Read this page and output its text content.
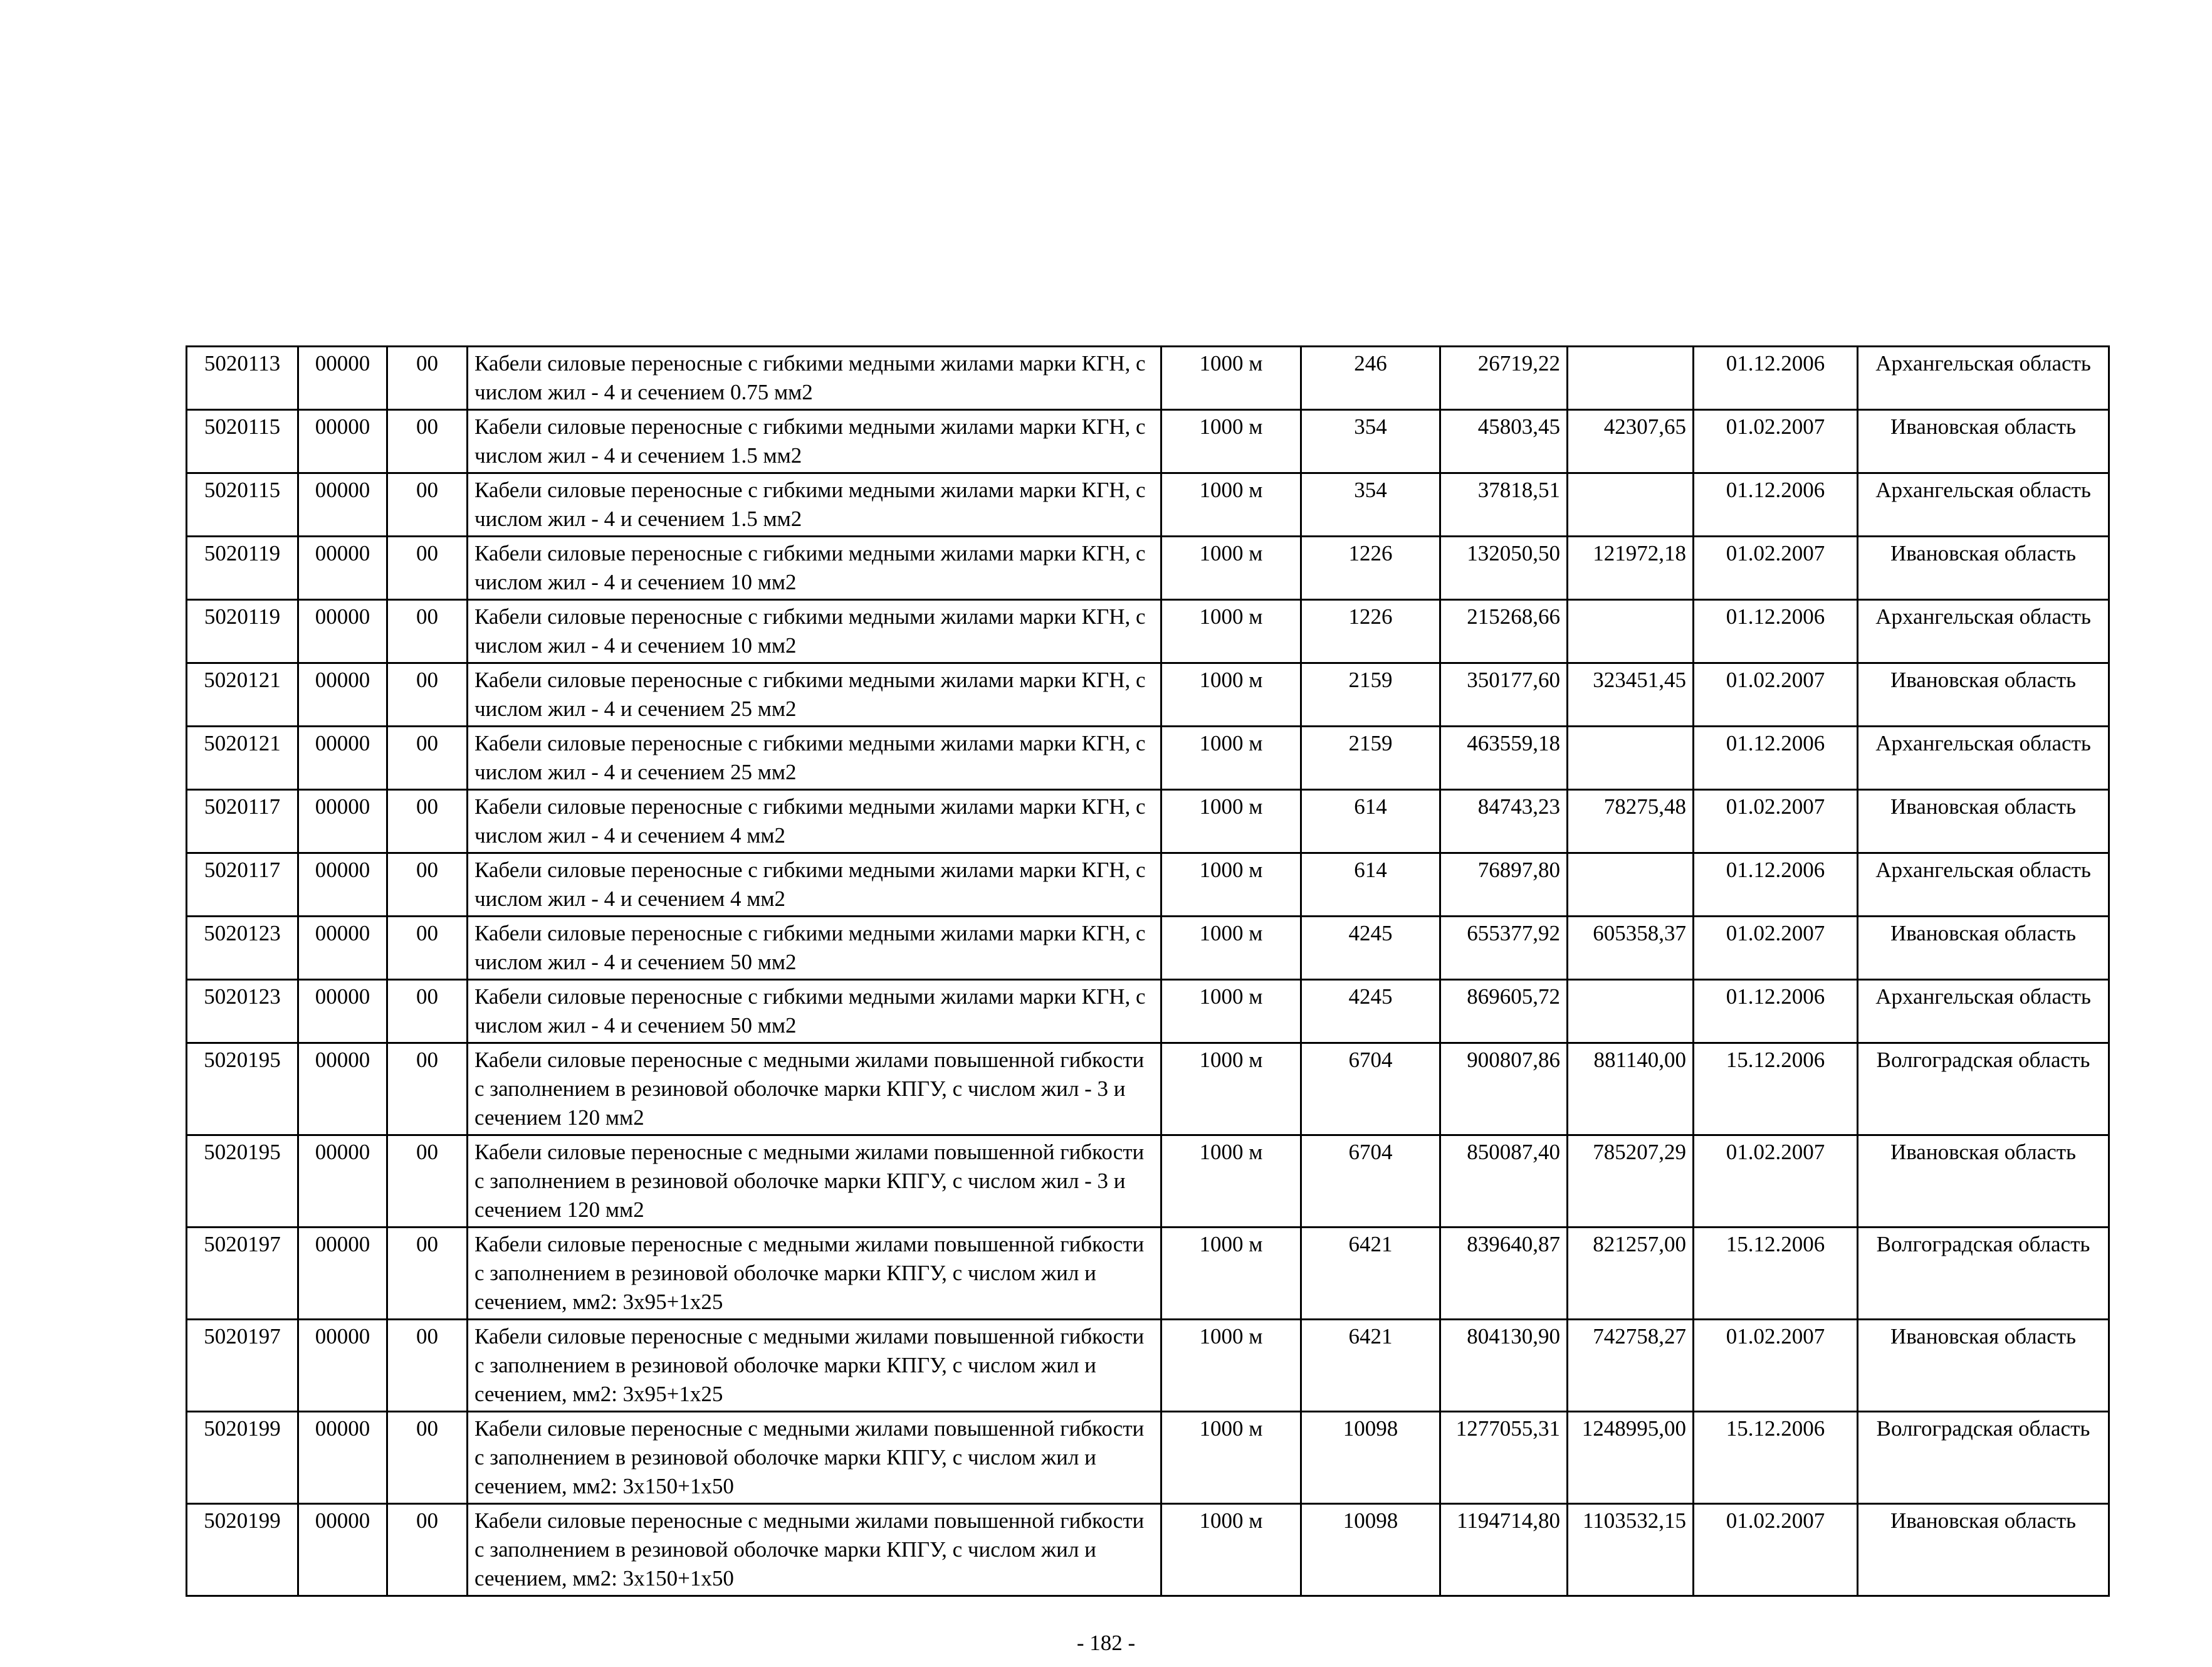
5020113	00000	00	Кабели силовые переносные с гибкими медными жилами марки КГН, с числом жил - 4 и сечением 0.75 мм2	1000 м	246	26719,22		01.12.2006	Архангельская область
5020115	00000	00	Кабели силовые переносные с гибкими медными жилами марки КГН, с числом жил - 4 и сечением 1.5 мм2	1000 м	354	45803,45	42307,65	01.02.2007	Ивановская область
5020115	00000	00	Кабели силовые переносные с гибкими медными жилами марки КГН, с числом жил - 4 и сечением 1.5 мм2	1000 м	354	37818,51		01.12.2006	Архангельская область
5020119	00000	00	Кабели силовые переносные с гибкими медными жилами марки КГН, с числом жил - 4 и сечением 10 мм2	1000 м	1226	132050,50	121972,18	01.02.2007	Ивановская область
5020119	00000	00	Кабели силовые переносные с гибкими медными жилами марки КГН, с числом жил - 4 и сечением 10 мм2	1000 м	1226	215268,66		01.12.2006	Архангельская область
5020121	00000	00	Кабели силовые переносные с гибкими медными жилами марки КГН, с числом жил - 4 и сечением 25 мм2	1000 м	2159	350177,60	323451,45	01.02.2007	Ивановская область
5020121	00000	00	Кабели силовые переносные с гибкими медными жилами марки КГН, с числом жил - 4 и сечением 25 мм2	1000 м	2159	463559,18		01.12.2006	Архангельская область
5020117	00000	00	Кабели силовые переносные с гибкими медными жилами марки КГН, с числом жил - 4 и сечением 4 мм2	1000 м	614	84743,23	78275,48	01.02.2007	Ивановская область
5020117	00000	00	Кабели силовые переносные с гибкими медными жилами марки КГН, с числом жил - 4 и сечением 4 мм2	1000 м	614	76897,80		01.12.2006	Архангельская область
5020123	00000	00	Кабели силовые переносные с гибкими медными жилами марки КГН, с числом жил - 4 и сечением 50 мм2	1000 м	4245	655377,92	605358,37	01.02.2007	Ивановская область
5020123	00000	00	Кабели силовые переносные с гибкими медными жилами марки КГН, с числом жил - 4 и сечением 50 мм2	1000 м	4245	869605,72		01.12.2006	Архангельская область
5020195	00000	00	Кабели силовые переносные с медными жилами повышенной гибкости с заполнением в резиновой оболочке марки КПГУ, с числом жил - 3 и сечением 120 мм2	1000 м	6704	900807,86	881140,00	15.12.2006	Волгоградская область
5020195	00000	00	Кабели силовые переносные с медными жилами повышенной гибкости с заполнением в резиновой оболочке марки КПГУ, с числом жил - 3 и сечением 120 мм2	1000 м	6704	850087,40	785207,29	01.02.2007	Ивановская область
5020197	00000	00	Кабели силовые переносные с медными жилами повышенной гибкости с заполнением в резиновой оболочке марки КПГУ, с числом жил и сечением, мм2: 3х95+1х25	1000 м	6421	839640,87	821257,00	15.12.2006	Волгоградская область
5020197	00000	00	Кабели силовые переносные с медными жилами повышенной гибкости с заполнением в резиновой оболочке марки КПГУ, с числом жил и сечением, мм2: 3х95+1х25	1000 м	6421	804130,90	742758,27	01.02.2007	Ивановская область
5020199	00000	00	Кабели силовые переносные с медными жилами повышенной гибкости с заполнением в резиновой оболочке марки КПГУ, с числом жил и сечением, мм2: 3х150+1х50	1000 м	10098	1277055,31	1248995,00	15.12.2006	Волгоградская область
5020199	00000	00	Кабели силовые переносные с медными жилами повышенной гибкости с заполнением в резиновой оболочке марки КПГУ, с числом жил и сечением, мм2: 3х150+1х50	1000 м	10098	1194714,80	1103532,15	01.02.2007	Ивановская область
- 182 -
